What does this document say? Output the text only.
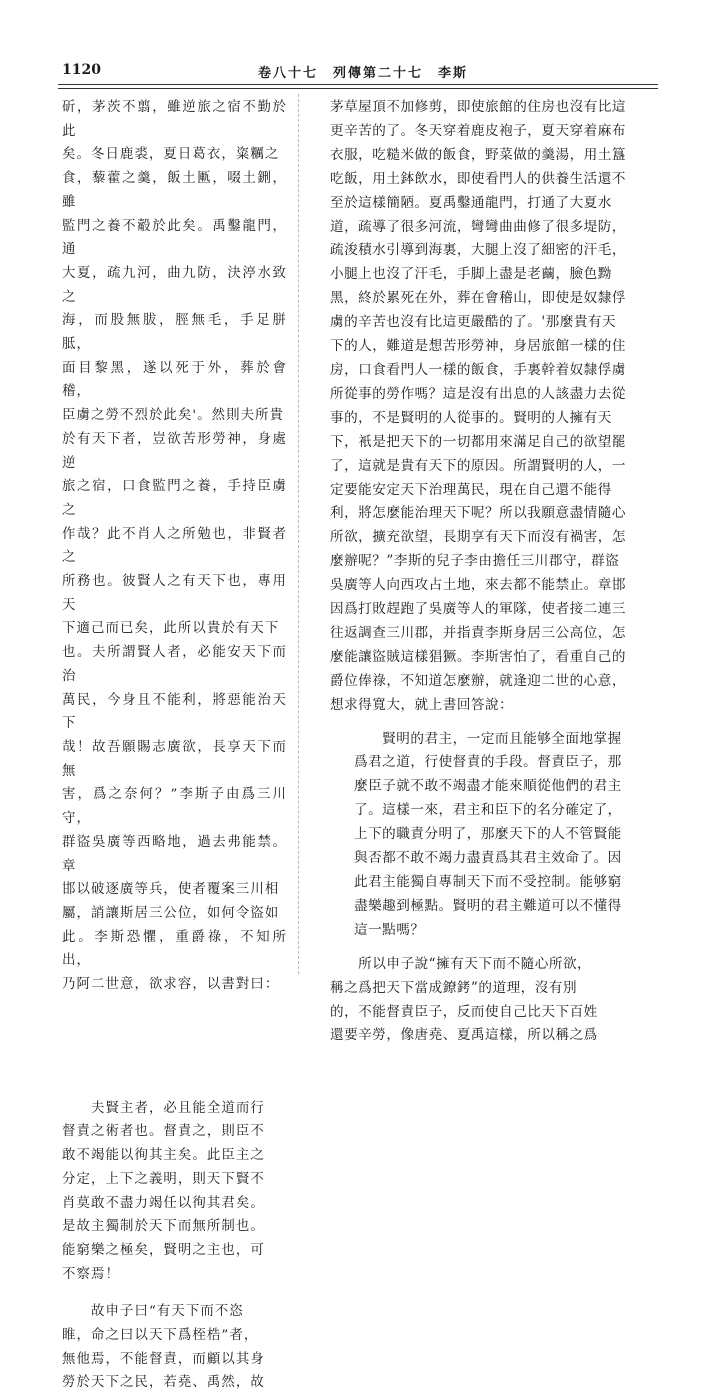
1120	卷八十七　列傳第二十七　李斯

斫，茅茨不翦，雖逆旅之宿不勤於此
矣。冬日鹿裘，夏日葛衣，粢糲之
食，藜藿之羹，飯土匭，啜土鉶，雖
監門之養不觳於此矣。禹鑿龍門，通
大夏，疏九河，曲九防，決渟水致之
海，而股無胈，脛無毛，手足胼胝，
面目黎黑，遂以死于外，葬於會稽，
臣虜之勞不烈於此矣'。然則夫所貴
於有天下者，豈欲苦形勞神，身處逆
旅之宿，口食監門之養，手持臣虜之
作哉？此不肖人之所勉也，非賢者之
所務也。彼賢人之有天下也，專用天
下適己而已矣，此所以貴於有天下
也。夫所謂賢人者，必能安天下而治
萬民，今身且不能利，將惡能治天下
哉！故吾願賜志廣欲，長享天下而無
害，爲之奈何？”李斯子由爲三川守，
群盜吳廣等西略地，過去弗能禁。章
邯以破逐廣等兵，使者覆案三川相
屬，誚讓斯居三公位，如何令盜如
此。李斯恐懼，重爵祿，不知所出，
乃阿二世意，欲求容，以書對曰：

　　夫賢主者，必且能全道而行
督責之術者也。督責之，則臣不
敢不竭能以徇其主矣。此臣主之
分定，上下之義明，則天下賢不
肖莫敢不盡力竭任以徇其君矣。
是故主獨制於天下而無所制也。
能窮樂之極矣，賢明之主也，可
不察焉！

　　故申子曰“有天下而不恣
睢，命之曰以天下爲桎梏”者，
無他焉，不能督責，而顧以其身
勞於天下之民，若堯、禹然，故

茅草屋頂不加修剪，即使旅館的住房也沒有比這
更辛苦的了。冬天穿着鹿皮袍子，夏天穿着麻布
衣服，吃糙米做的飯食，野菜做的羹湯，用土簋
吃飯，用土鉢飲水，即使看門人的供養生活還不
至於這樣簡陋。夏禹鑿通龍門，打通了大夏水
道，疏導了很多河流，彎彎曲曲修了很多堤防，
疏浚積水引導到海裏，大腿上沒了細密的汗毛，
小腿上也沒了汗毛，手脚上盡是老繭，臉色黝
黑，終於累死在外，葬在會稽山，即使是奴隸俘
虜的辛苦也沒有比這更嚴酷的了。'那麼貴有天
下的人，難道是想苦形勞神，身居旅館一樣的住
房，口食看門人一樣的飯食，手裏幹着奴隸俘虜
所從事的勞作嗎？這是沒有出息的人該盡力去從
事的，不是賢明的人從事的。賢明的人擁有天
下，衹是把天下的一切都用來滿足自己的欲望罷
了，這就是貴有天下的原因。所謂賢明的人，一
定要能安定天下治理萬民，現在自己還不能得
利，將怎麼能治理天下呢？所以我願意盡情隨心
所欲，擴充欲望，長期享有天下而沒有禍害，怎
麼辦呢？”李斯的兒子李由擔任三川郡守，群盜
吳廣等人向西攻占土地，來去都不能禁止。章邯
因爲打敗趕跑了吳廣等人的軍隊，使者接二連三
往返調查三川郡，并指責李斯身居三公高位，怎
麼能讓盜賊這樣猖獗。李斯害怕了，看重自己的
爵位俸祿，不知道怎麼辦，就逢迎二世的心意，
想求得寬大，就上書回答說：

　　賢明的君主，一定而且能够全面地掌握
爲君之道，行使督責的手段。督責臣子，那
麼臣子就不敢不竭盡才能來順從他們的君主
了。這樣一來，君主和臣下的名分確定了，
上下的職責分明了，那麼天下的人不管賢能
與否都不敢不竭力盡責爲其君主效命了。因
此君主能獨自專制天下而不受控制。能够窮
盡樂趣到極點。賢明的君主難道可以不懂得
這一點嗎？

　　所以申子說“擁有天下而不隨心所欲，
稱之爲把天下當成鐐銬”的道理，沒有別
的，不能督責臣子，反而使自己比天下百姓
還要辛勞，像唐堯、夏禹這樣，所以稱之爲
